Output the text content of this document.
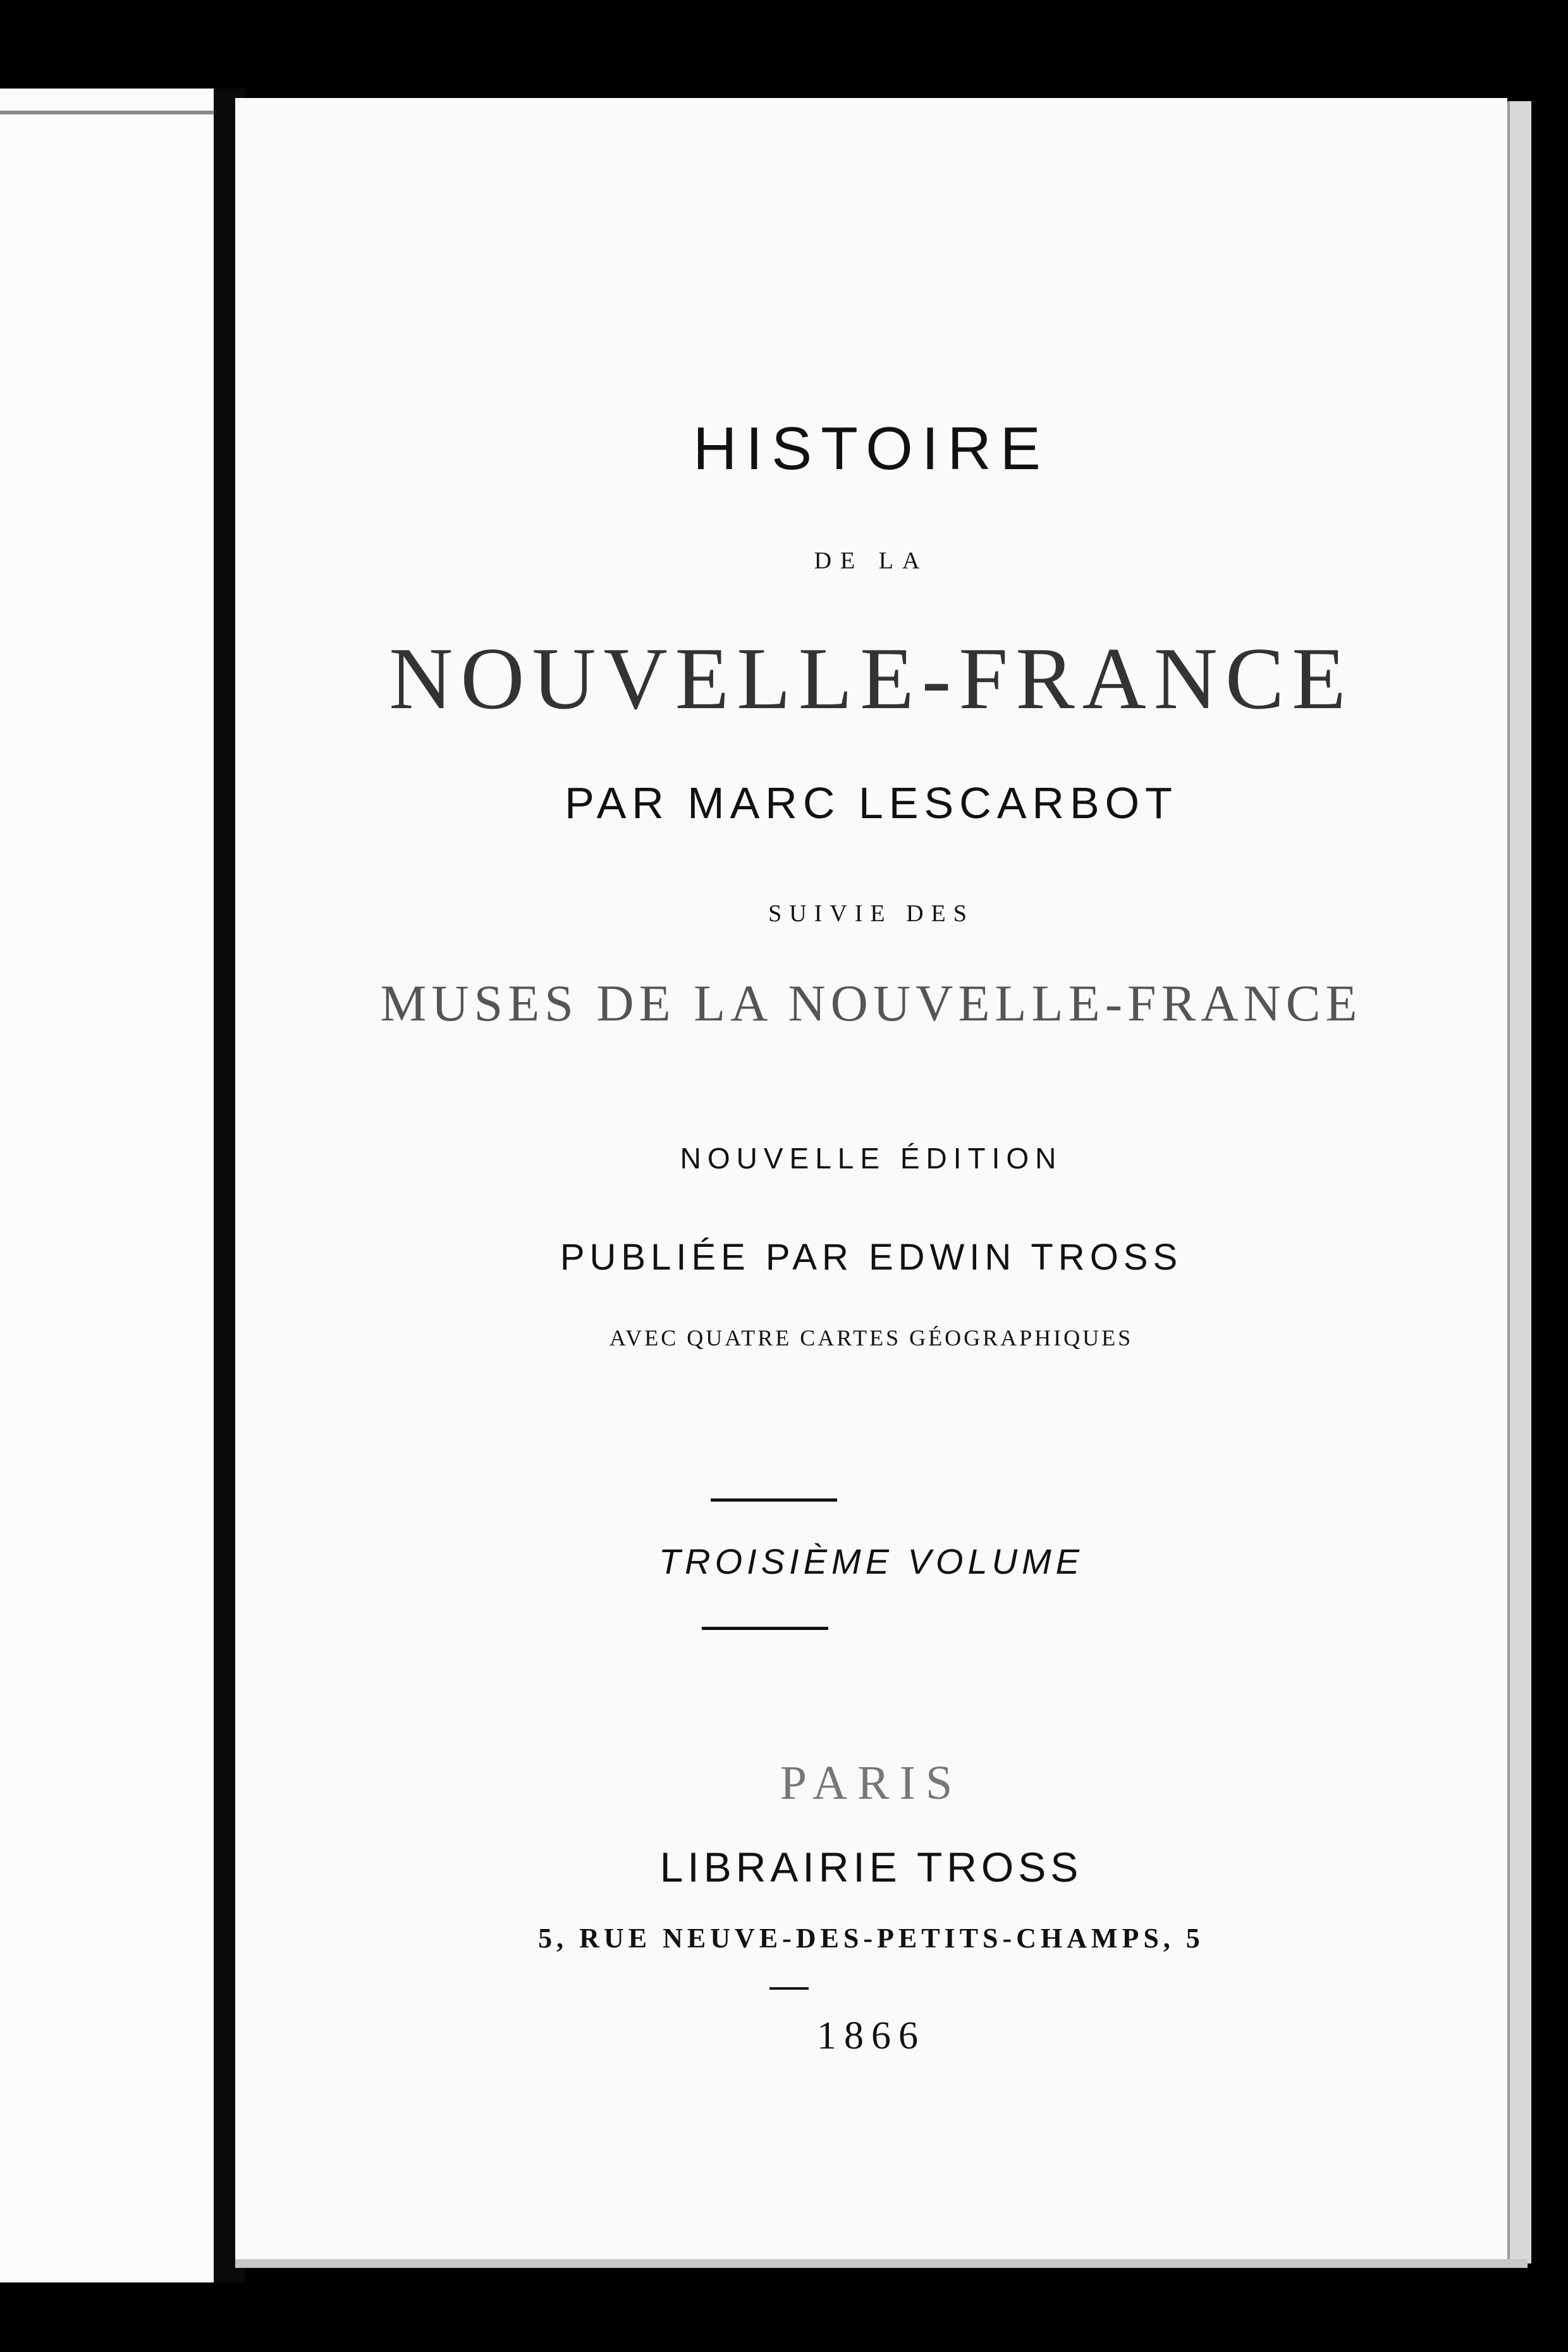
HISTOIRE
DE LA
NOUVELLE-FRANCE
PAR MARC LESCARBOT
SUIVIE DES
MUSES DE LA NOUVELLE-FRANCE
NOUVELLE ÉDITION
PUBLIÉE PAR EDWIN TROSS
AVEC QUATRE CARTES GÉOGRAPHIQUES
TROISIÈME VOLUME
PARIS
LIBRAIRIE TROSS
5, RUE NEUVE-DES-PETITS-CHAMPS, 5
1866
